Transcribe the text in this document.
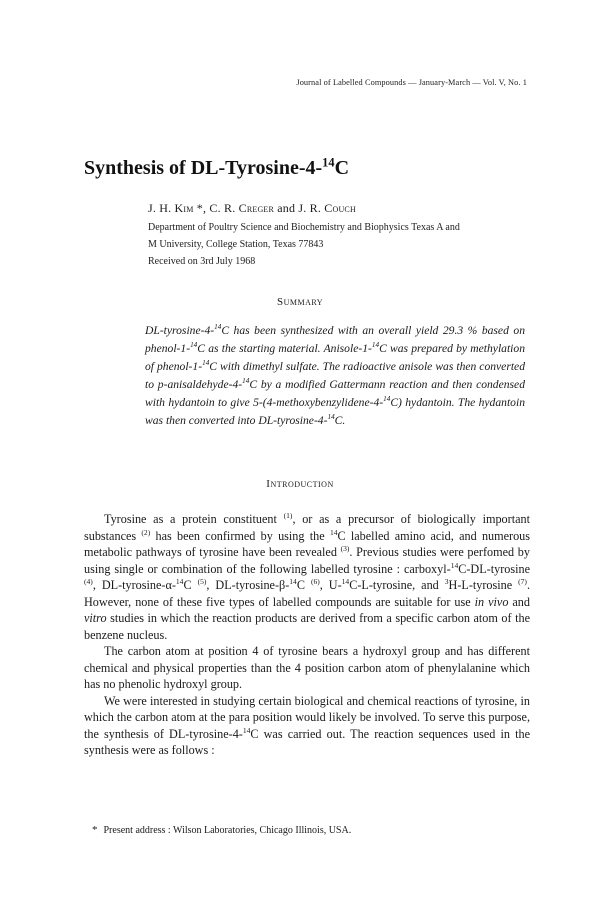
Journal of Labelled Compounds — January-March — Vol. V, No. 1
Synthesis of DL-Tyrosine-4-$^{14}$C
J. H. Kim *, C. R. Creger and J. R. Couch
Department of Poultry Science and Biochemistry and Biophysics Texas A and
M University, College Station, Texas 77843
Received on 3rd July 1968
Summary
DL-tyrosine-4-$^{14}$C has been synthesized with an overall yield 29.3 % based on phenol-1-$^{14}$C as the starting material. Anisole-1-$^{14}$C was prepared by methylation of phenol-1-$^{14}$C with dimethyl sulfate. The radioactive anisole was then converted to p-anisaldehyde-4-$^{14}$C by a modified Gattermann reaction and then condensed with hydantoin to give 5-(4-methoxybenzylidene-4-$^{14}$C) hydantoin. The hydantoin was then converted into DL-tyrosine-4-$^{14}$C.
Introduction

Tyrosine as a protein constituent $^{(1)}$, or as a precursor of biologically important substances $^{(2)}$ has been confirmed by using the $^{14}$C labelled amino acid, and numerous metabolic pathways of tyrosine have been revealed $^{(3)}$. Previous studies were perfomed by using single or combination of the following labelled tyrosine : carboxyl-$^{14}$C-DL-tyrosine $^{(4)}$, DL-tyrosine-α-$^{14}$C $^{(5)}$, DL-tyrosine-β-$^{14}$C $^{(6)}$, U-$^{14}$C-L-tyrosine, and $^3$H-L-tyrosine $^{(7)}$. However, none of these five types of labelled compounds are suitable for use in vivo and vitro studies in which the reaction products are derived from a specific carbon atom of the benzene nucleus.

The carbon atom at position 4 of tyrosine bears a hydroxyl group and has different chemical and physical properties than the 4 position carbon atom of phenylalanine which has no phenolic hydroxyl group.

We were interested in studying certain biological and chemical reactions of tyrosine, in which the carbon atom at the para position would likely be involved. To serve this purpose, the synthesis of DL-tyrosine-4-$^{14}$C was carried out. The reaction sequences used in the synthesis were as follows :

* Present address : Wilson Laboratories, Chicago Illinois, USA.
